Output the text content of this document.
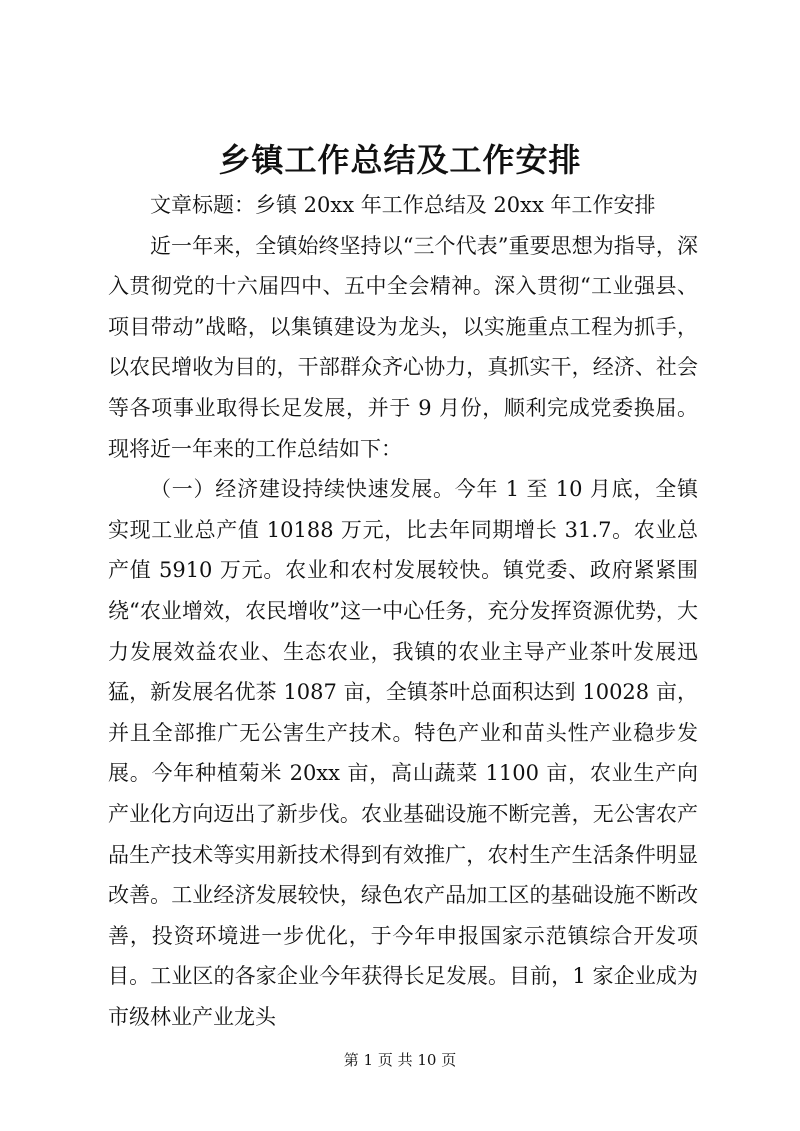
乡镇工作总结及工作安排

文章标题：乡镇 20xx 年工作总结及 20xx 年工作安排

近一年来，全镇始终坚持以“三个代表”重要思想为指导，深入贯彻党的十六届四中、五中全会精神。深入贯彻“工业强县、项目带动”战略，以集镇建设为龙头，以实施重点工程为抓手，以农民增收为目的，干部群众齐心协力，真抓实干，经济、社会等各项事业取得长足发展，并于 9 月份，顺利完成党委换届。现将近一年来的工作总结如下：

（一）经济建设持续快速发展。今年 1 至 10 月底，全镇实现工业总产值 10188 万元，比去年同期增长 31.7。农业总产值 5910 万元。农业和农村发展较快。镇党委、政府紧紧围绕“农业增效，农民增收”这一中心任务，充分发挥资源优势，大力发展效益农业、生态农业，我镇的农业主导产业茶叶发展迅猛，新发展名优茶 1087 亩，全镇茶叶总面积达到 10028 亩，并且全部推广无公害生产技术。特色产业和苗头性产业稳步发展。今年种植菊米 20xx 亩，高山蔬菜 1100 亩，农业生产向产业化方向迈出了新步伐。农业基础设施不断完善，无公害农产品生产技术等实用新技术得到有效推广，农村生产生活条件明显改善。工业经济发展较快，绿色农产品加工区的基础设施不断改善，投资环境进一步优化，于今年申报国家示范镇综合开发项目。工业区的各家企业今年获得长足发展。目前，1 家企业成为市级林业产业龙头

第 1 页 共 10 页
